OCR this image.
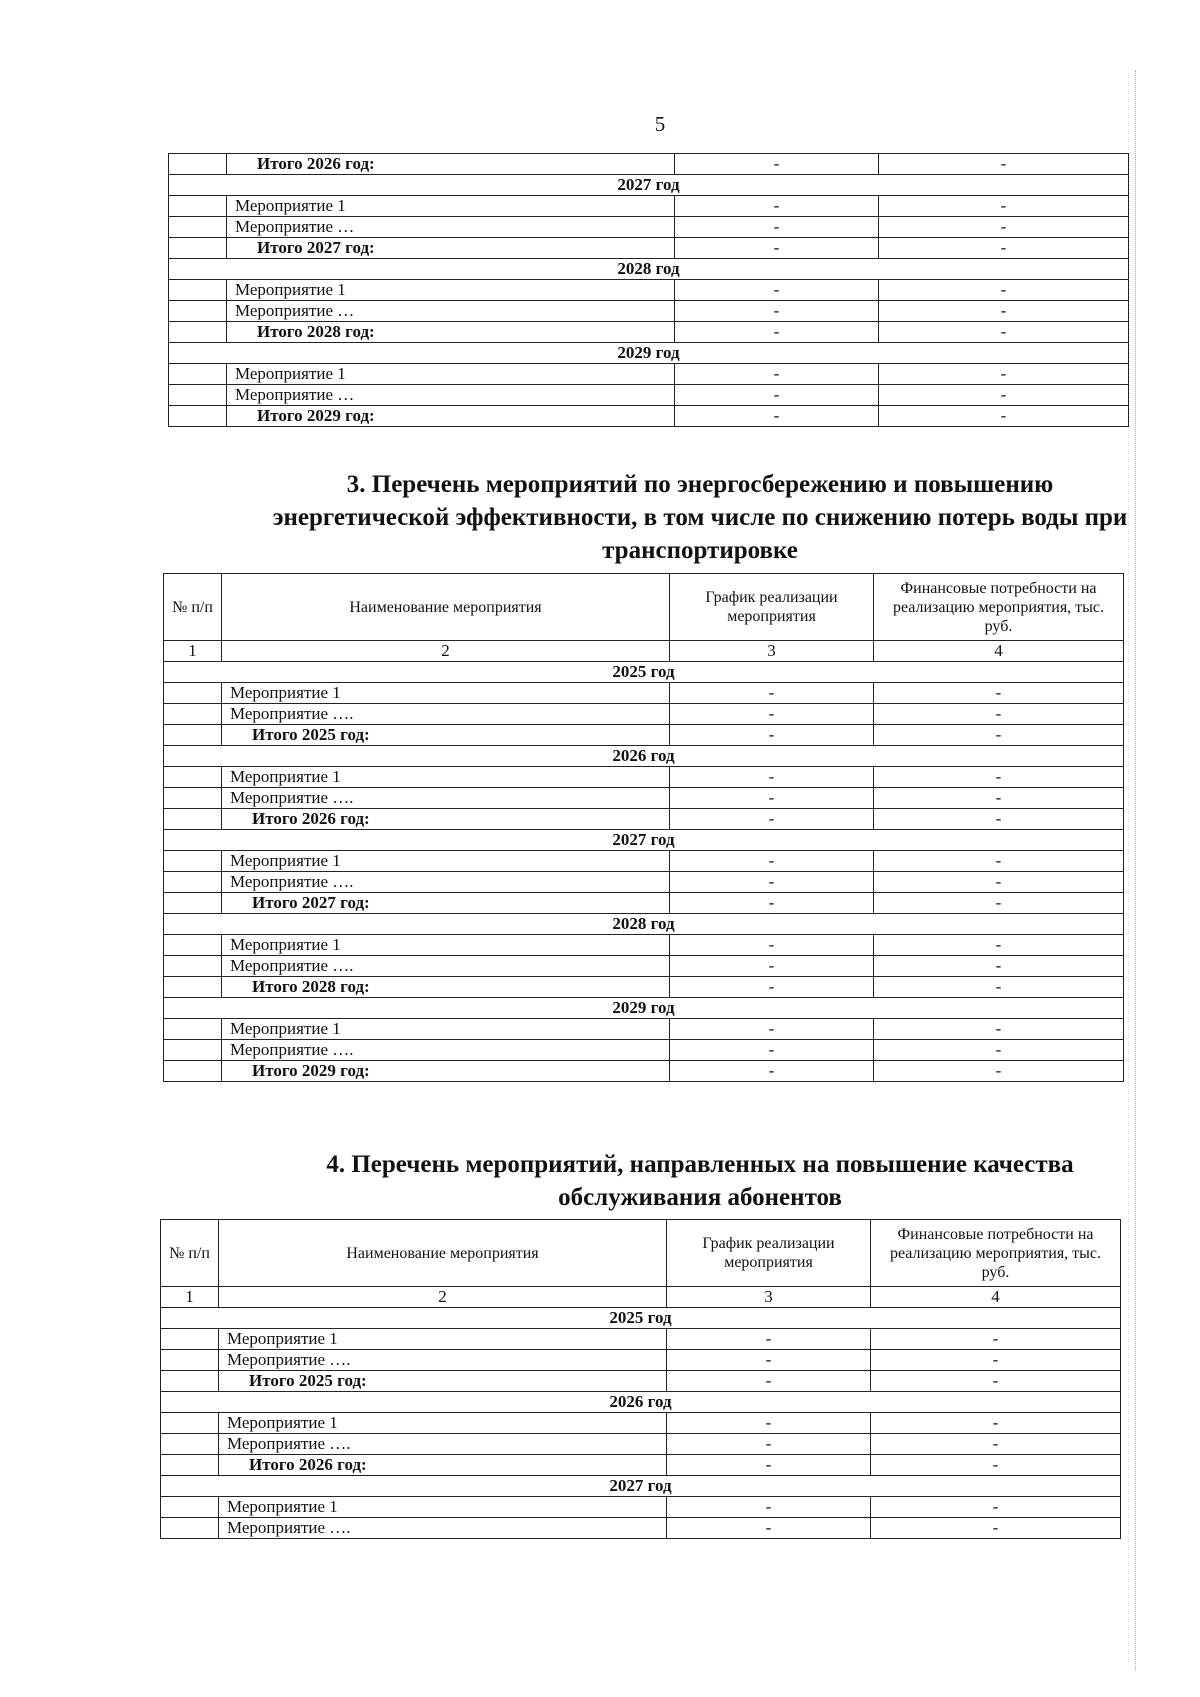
5
	Итого 2026 год:	-	-
2027 год			
	Мероприятие 1	-	-
	Мероприятие …	-	-
	Итого 2027 год:	-	-
2028 год			
	Мероприятие 1	-	-
	Мероприятие …	-	-
	Итого 2028 год:	-	-
2029 год			
	Мероприятие 1	-	-
	Мероприятие …	-	-
	Итого 2029 год:	-	-
3. Перечень мероприятий по энергосбережению и повышению энергетической эффективности, в том числе по снижению потерь воды при транспортировке
№ п/п	Наименование мероприятия	График реализации мероприятия	Финансовые потребности на реализацию мероприятия, тыс. руб.
1	2	3	4
2025 год			
	Мероприятие 1	-	-
	Мероприятие ….	-	-
	Итого 2025 год:	-	-
2026 год			
	Мероприятие 1	-	-
	Мероприятие ….	-	-
	Итого 2026 год:	-	-
2027 год			
	Мероприятие 1	-	-
	Мероприятие ….	-	-
	Итого 2027 год:	-	-
2028 год			
	Мероприятие 1	-	-
	Мероприятие ….	-	-
	Итого 2028 год:	-	-
2029 год			
	Мероприятие 1	-	-
	Мероприятие ….	-	-
	Итого 2029 год:	-	-
4. Перечень мероприятий, направленных на повышение качества обслуживания абонентов
№ п/п	Наименование мероприятия	График реализации мероприятия	Финансовые потребности на реализацию мероприятия, тыс. руб.
1	2	3	4
2025 год			
	Мероприятие 1	-	-
	Мероприятие ….	-	-
	Итого 2025 год:	-	-
2026 год			
	Мероприятие 1	-	-
	Мероприятие ….	-	-
	Итого 2026 год:	-	-
2027 год			
	Мероприятие 1	-	-
	Мероприятие ….	-	-
